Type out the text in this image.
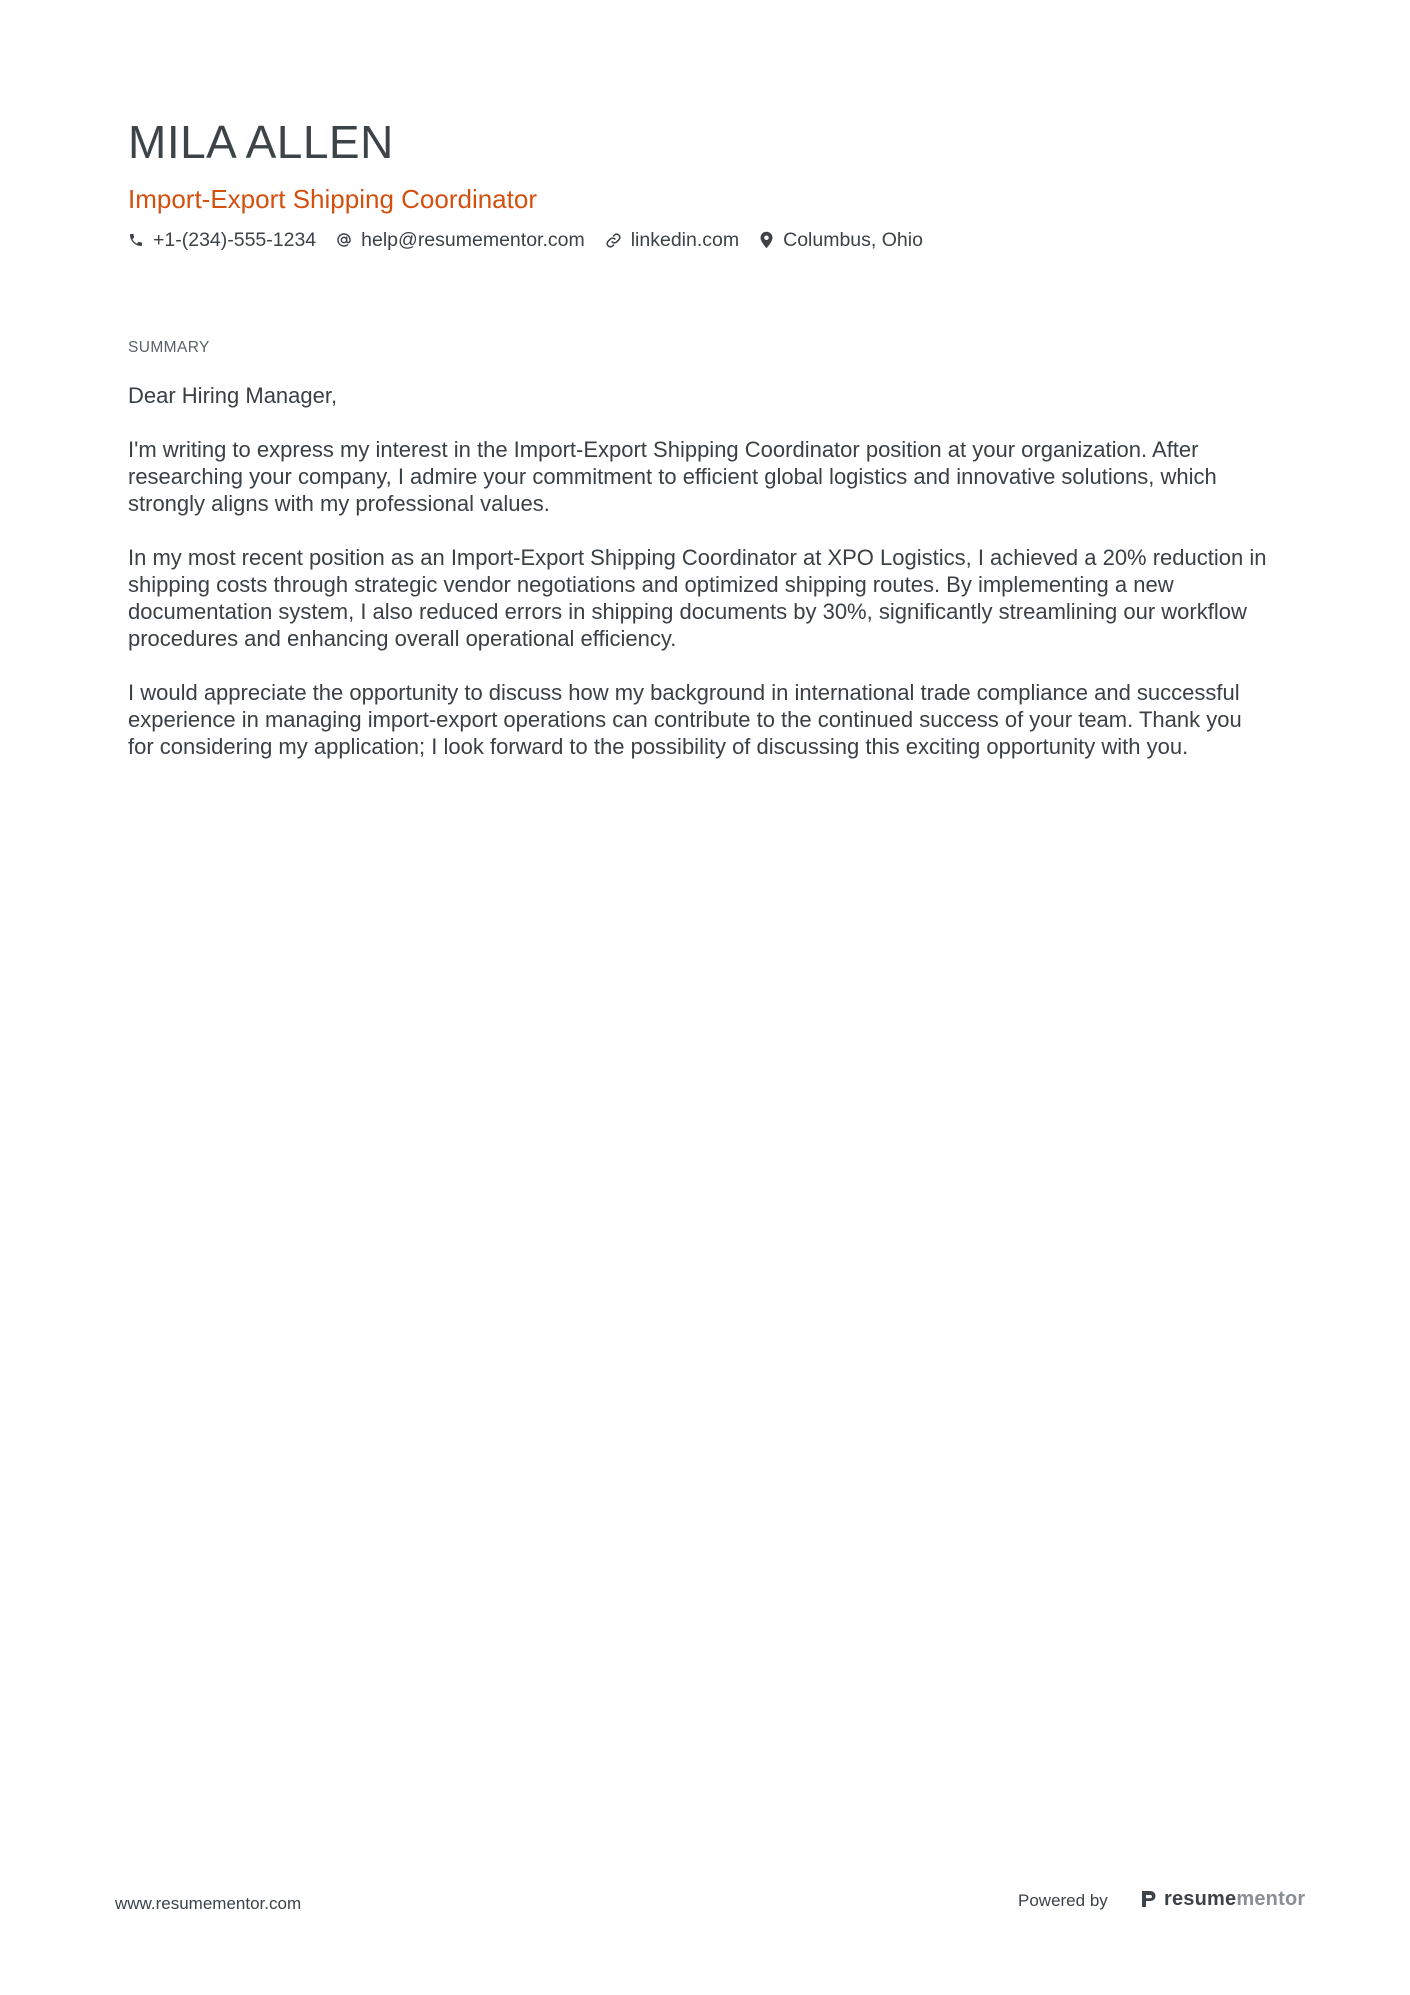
MILA ALLEN
Import-Export Shipping Coordinator
+1-(234)-555-1234 help@resumementor.com linkedin.com Columbus, Ohio
SUMMARY

Dear Hiring Manager,

I'm writing to express my interest in the Import-Export Shipping Coordinator position at your organization. After researching your company, I admire your commitment to efficient global logistics and innovative solutions, which strongly aligns with my professional values.

In my most recent position as an Import-Export Shipping Coordinator at XPO Logistics, I achieved a 20% reduction in shipping costs through strategic vendor negotiations and optimized shipping routes. By implementing a new documentation system, I also reduced errors in shipping documents by 30%, significantly streamlining our workflow procedures and enhancing overall operational efficiency.

I would appreciate the opportunity to discuss how my background in international trade compliance and successful experience in managing import-export operations can contribute to the continued success of your team. Thank you for considering my application; I look forward to the possibility of discussing this exciting opportunity with you.

www.resumementor.com	Powered by	resumementor
